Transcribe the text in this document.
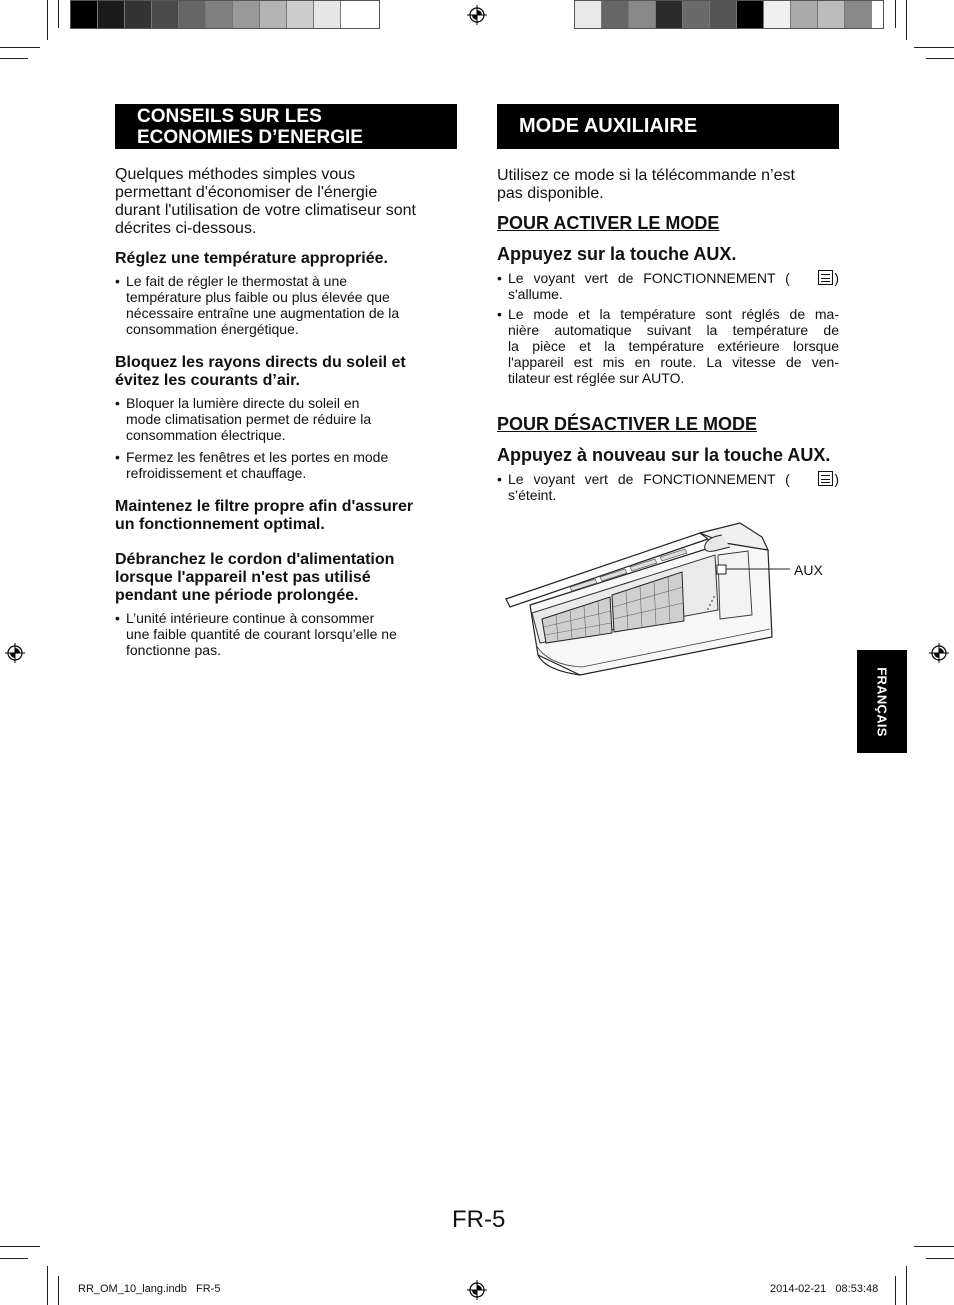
CONSEILS SUR LES
ECONOMIES D’ENERGIE
Quelques méthodes simples vous
permettant d'économiser de l'énergie
durant l'utilisation de votre climatiseur sont
décrites ci-dessous.
Réglez une température appropriée.
• Le fait de régler le thermostat à une
température plus faible ou plus élevée que
nécessaire entraîne une augmentation de la
consommation énergétique.
Bloquez les rayons directs du soleil et
évitez les courants d’air.
• Bloquer la lumière directe du soleil en
mode climatisation permet de réduire la
consommation électrique.
• Fermez les fenêtres et les portes en mode
refroidissement et chauffage.
Maintenez le filtre propre afin d'assurer
un fonctionnement optimal.
Débranchez le cordon d'alimentation
lorsque l'appareil n'est pas utilisé
pendant une période prolongée.
• L’unité intérieure continue à consommer
une faible quantité de courant lorsqu’elle ne
fonctionne pas.
MODE AUXILIAIRE
Utilisez ce mode si la télécommande n’est
pas disponible.
POUR ACTIVER LE MODE
Appuyez sur la touche AUX.
• Le voyant vert de FONCTIONNEMENT (	)
s'allume.
• Le mode et la température sont réglés de ma-
nière automatique suivant la température de
la pièce et la température extérieure lorsque
l'appareil est mis en route. La vitesse de ven-
tilateur est réglée sur AUTO.
POUR DÉSACTIVER LE MODE
Appuyez à nouveau sur la touche AUX.
• Le voyant vert de FONCTIONNEMENT (	)
s’éteint.
AUX
FRANÇAIS
FR-5
RR_OM_10_lang.indb   FR-5	2014-02-21   08:53:48
